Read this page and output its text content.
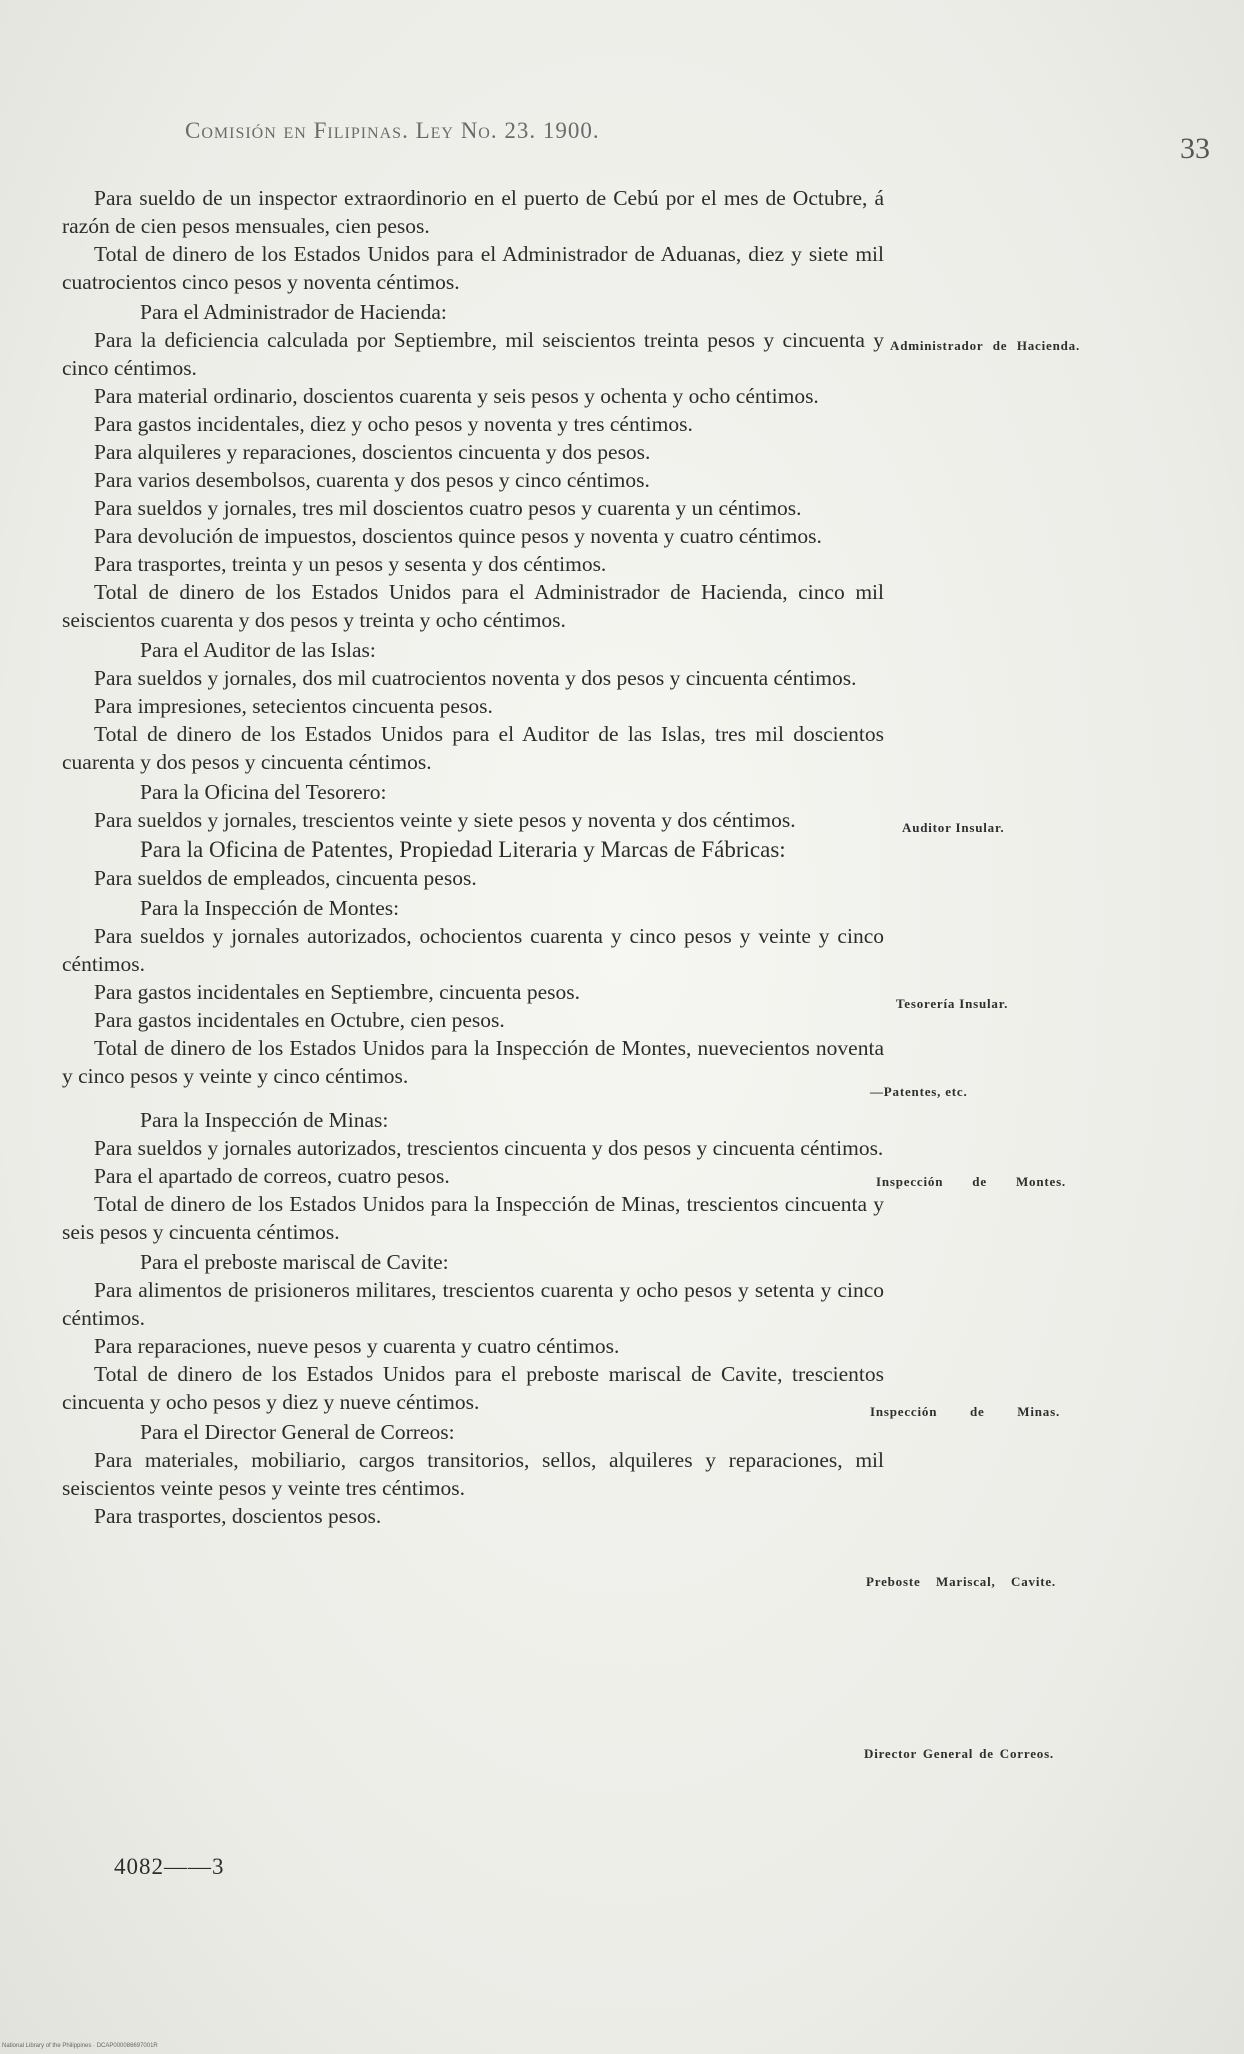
Comisión en Filipinas. Ley No. 23. 1900.
33

Para sueldo de un inspector extraordinorio en el puerto de Cebú por el mes de Octubre, á razón de cien pesos mensuales, cien pesos.

Total de dinero de los Estados Unidos para el Administrador de Aduanas, diez y siete mil cuatrocientos cinco pesos y noventa céntimos.

Para el Administrador de Hacienda:

Para la deficiencia calculada por Septiembre, mil seiscientos treinta pesos y cincuenta y cinco céntimos.

Para material ordinario, doscientos cuarenta y seis pesos y ochenta y ocho céntimos.

Para gastos incidentales, diez y ocho pesos y noventa y tres céntimos.

Para alquileres y reparaciones, doscientos cincuenta y dos pesos.

Para varios desembolsos, cuarenta y dos pesos y cinco céntimos.

Para sueldos y jornales, tres mil doscientos cuatro pesos y cuarenta y un céntimos.

Para devolución de impuestos, doscientos quince pesos y noventa y cuatro céntimos.

Para trasportes, treinta y un pesos y sesenta y dos céntimos.

Total de dinero de los Estados Unidos para el Administrador de Hacienda, cinco mil seiscientos cuarenta y dos pesos y treinta y ocho céntimos.

Para el Auditor de las Islas:

Para sueldos y jornales, dos mil cuatrocientos noventa y dos pesos y cincuenta céntimos.

Para impresiones, setecientos cincuenta pesos.

Total de dinero de los Estados Unidos para el Auditor de las Islas, tres mil doscientos cuarenta y dos pesos y cincuenta céntimos.

Para la Oficina del Tesorero:

Para sueldos y jornales, trescientos veinte y siete pesos y noventa y dos céntimos.

Para la Oficina de Patentes, Propiedad Literaria y Marcas de Fábricas:

Para sueldos de empleados, cincuenta pesos.

Para la Inspección de Montes:

Para sueldos y jornales autorizados, ochocientos cuarenta y cinco pesos y veinte y cinco céntimos.

Para gastos incidentales en Septiembre, cincuenta pesos.

Para gastos incidentales en Octubre, cien pesos.

Total de dinero de los Estados Unidos para la Inspección de Montes, nuevecientos noventa y cinco pesos y veinte y cinco céntimos.

Para la Inspección de Minas:

Para sueldos y jornales autorizados, trescientos cincuenta y dos pesos y cincuenta céntimos.

Para el apartado de correos, cuatro pesos.

Total de dinero de los Estados Unidos para la Inspección de Minas, trescientos cincuenta y seis pesos y cincuenta céntimos.

Para el preboste mariscal de Cavite:

Para alimentos de prisioneros militares, trescientos cuarenta y ocho pesos y setenta y cinco céntimos.

Para reparaciones, nueve pesos y cuarenta y cuatro céntimos.

Total de dinero de los Estados Unidos para el preboste mariscal de Cavite, trescientos cincuenta y ocho pesos y diez y nueve céntimos.

Para el Director General de Correos:

Para materiales, mobiliario, cargos transitorios, sellos, alquileres y reparaciones, mil seiscientos veinte pesos y veinte tres céntimos.

Para trasportes, doscientos pesos.

Administrador de Hacienda.
Auditor Insular.
Tesorería Insular.
—Patentes, etc.
Inspección de Montes.
Inspección de Minas.
Preboste Mariscal, Cavite.
Director General de Correos.
4082——3
National Library of the Philippines · DCAP000086697001R
